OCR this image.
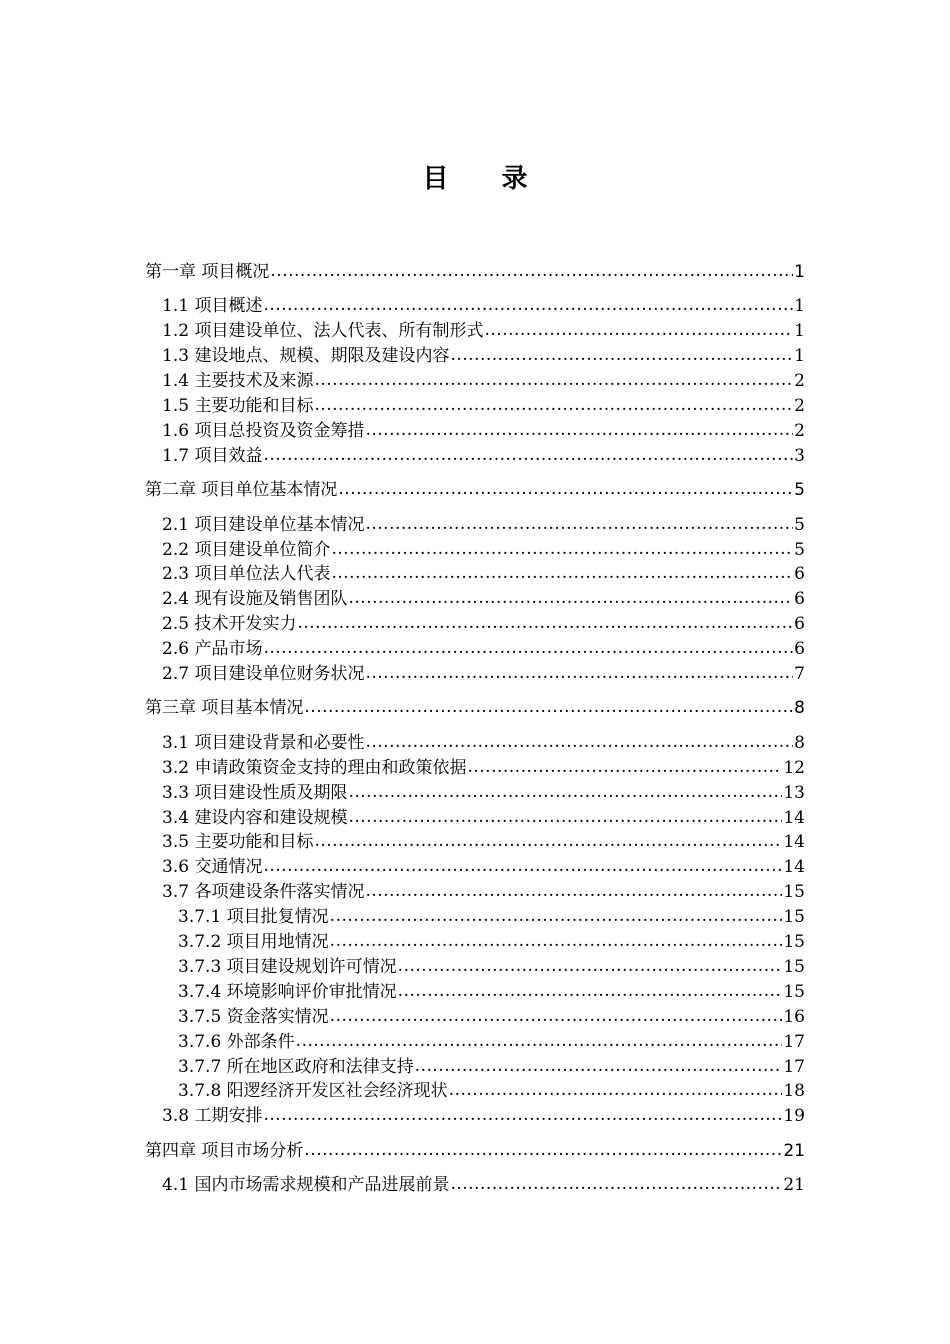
目 录
第一章 项目概况 .....	1
1.1 项目概述 .....	1
1.2 项目建设单位、法人代表、所有制形式 .....	1
1.3 建设地点、规模、期限及建设内容 .....	1
1.4 主要技术及来源 .....	2
1.5 主要功能和目标 .....	2
1.6 项目总投资及资金筹措 .....	2
1.7 项目效益 .....	3
第二章 项目单位基本情况 .....	5
2.1 项目建设单位基本情况 .....	5
2.2 项目建设单位简介 .....	5
2.3 项目单位法人代表 .....	6
2.4 现有设施及销售团队 .....	6
2.5 技术开发实力 .....	6
2.6 产品市场 .....	6
2.7 项目建设单位财务状况 .....	7
第三章 项目基本情况 .....	8
3.1 项目建设背景和必要性 .....	8
3.2 申请政策资金支持的理由和政策依据 .....	12
3.3 项目建设性质及期限 .....	13
3.4 建设内容和建设规模 .....	14
3.5 主要功能和目标 .....	14
3.6 交通情况 .....	14
3.7 各项建设条件落实情况 .....	15
3.7.1 项目批复情况 .....	15
3.7.2 项目用地情况 .....	15
3.7.3 项目建设规划许可情况 .....	15
3.7.4 环境影响评价审批情况 .....	15
3.7.5 资金落实情况 .....	16
3.7.6 外部条件 .....	17
3.7.7 所在地区政府和法律支持 .....	17
3.7.8 阳逻经济开发区社会经济现状 .....	18
3.8 工期安排 .....	19
第四章 项目市场分析 .....	21
4.1 国内市场需求规模和产品进展前景 .....	21
